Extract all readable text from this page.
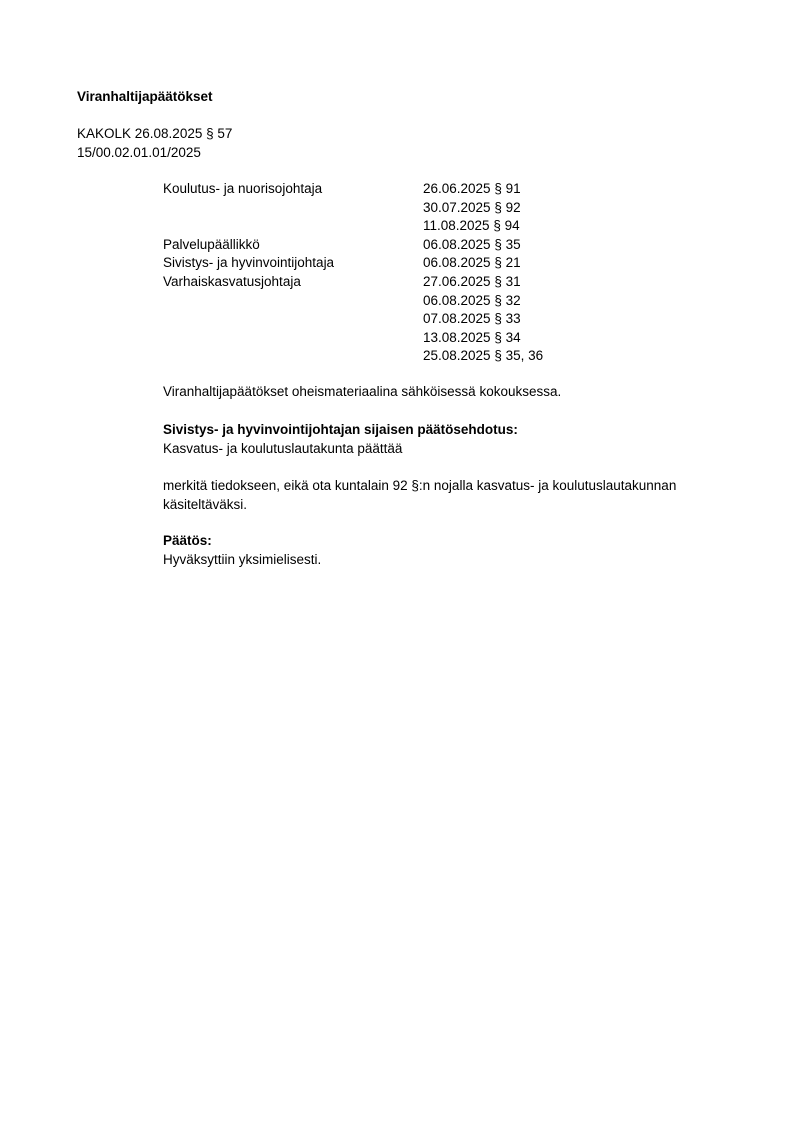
Viranhaltijapäätökset
KAKOLK 26.08.2025 § 57
15/00.02.01.01/2025
Koulutus- ja nuorisojohtaja	26.06.2025 § 91
30.07.2025 § 92
11.08.2025 § 94
Palvelupäällikkö	06.08.2025 § 35
Sivistys- ja hyvinvointijohtaja	06.08.2025 § 21
Varhaiskasvatusjohtaja	27.06.2025 § 31
06.08.2025 § 32
07.08.2025 § 33
13.08.2025 § 34
25.08.2025 § 35, 36
Viranhaltijapäätökset oheismateriaalina sähköisessä kokouksessa.
Sivistys- ja hyvinvointijohtajan sijaisen päätösehdotus:
Kasvatus- ja koulutuslautakunta päättää
merkitä tiedokseen, eikä ota kuntalain 92 §:n nojalla kasvatus- ja koulutuslautakunnan käsiteltäväksi.
Päätös:
Hyväksyttiin yksimielisesti.
